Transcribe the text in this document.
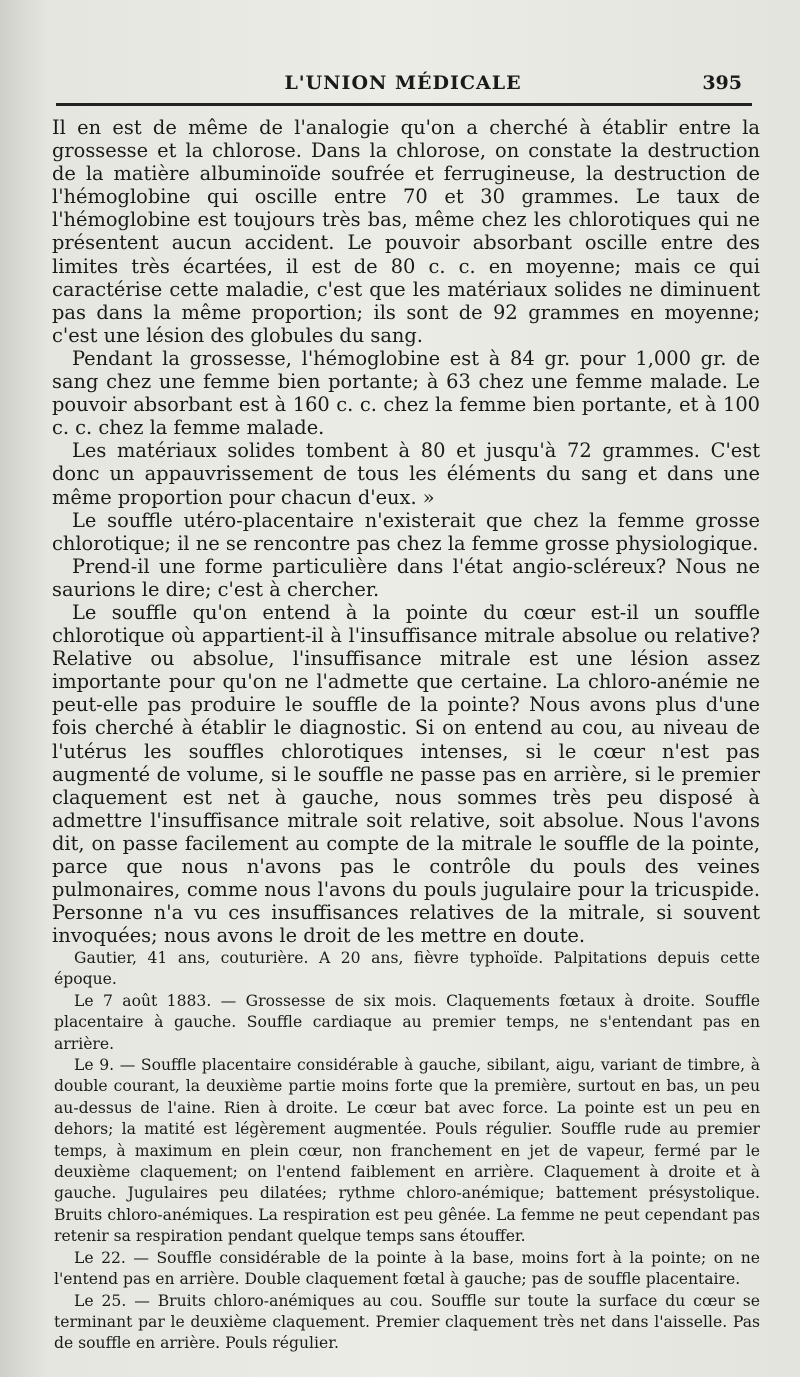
L'UNION MÉDICALE	395

Il en est de même de l'analogie qu'on a cherché à établir entre la grossesse et la chlorose. Dans la chlorose, on constate la destruction de la matière albuminoïde soufrée et ferrugineuse, la destruction de l'hémoglobine qui oscille entre 70 et 30 grammes. Le taux de l'hémoglobine est toujours très bas, même chez les chlorotiques qui ne présentent aucun accident. Le pouvoir absorbant oscille entre des limites très écartées, il est de 80 c. c. en moyenne; mais ce qui caractérise cette maladie, c'est que les matériaux solides ne diminuent pas dans la même proportion; ils sont de 92 grammes en moyenne; c'est une lésion des globules du sang.

Pendant la grossesse, l'hémoglobine est à 84 gr. pour 1,000 gr. de sang chez une femme bien portante; à 63 chez une femme malade. Le pouvoir absorbant est à 160 c. c. chez la femme bien portante, et à 100 c. c. chez la femme malade.

Les matériaux solides tombent à 80 et jusqu'à 72 grammes. C'est donc un appauvrissement de tous les éléments du sang et dans une même proportion pour chacun d'eux. »

Le souffle utéro-placentaire n'existerait que chez la femme grosse chlorotique; il ne se rencontre pas chez la femme grosse physiologique.

Prend-il une forme particulière dans l'état angio-scléreux? Nous ne saurions le dire; c'est à chercher.

Le souffle qu'on entend à la pointe du cœur est-il un souffle chlorotique où appartient-il à l'insuffisance mitrale absolue ou relative? Relative ou absolue, l'insuffisance mitrale est une lésion assez importante pour qu'on ne l'admette que certaine. La chloro-anémie ne peut-elle pas produire le souffle de la pointe? Nous avons plus d'une fois cherché à établir le diagnostic. Si on entend au cou, au niveau de l'utérus les souffles chlorotiques intenses, si le cœur n'est pas augmenté de volume, si le souffle ne passe pas en arrière, si le premier claquement est net à gauche, nous sommes très peu disposé à admettre l'insuffisance mitrale soit relative, soit absolue. Nous l'avons dit, on passe facilement au compte de la mitrale le souffle de la pointe, parce que nous n'avons pas le contrôle du pouls des veines pulmonaires, comme nous l'avons du pouls jugulaire pour la tricuspide. Personne n'a vu ces insuffisances relatives de la mitrale, si souvent invoquées; nous avons le droit de les mettre en doute.

Gautier, 41 ans, couturière. A 20 ans, fièvre typhoïde. Palpitations depuis cette époque.

Le 7 août 1883. — Grossesse de six mois. Claquements fœtaux à droite. Souffle placentaire à gauche. Souffle cardiaque au premier temps, ne s'entendant pas en arrière.

Le 9. — Souffle placentaire considérable à gauche, sibilant, aigu, variant de timbre, à double courant, la deuxième partie moins forte que la première, surtout en bas, un peu au-dessus de l'aine. Rien à droite. Le cœur bat avec force. La pointe est un peu en dehors; la matité est légèrement augmentée. Pouls régulier. Souffle rude au premier temps, à maximum en plein cœur, non franchement en jet de vapeur, fermé par le deuxième claquement; on l'entend faiblement en arrière. Claquement à droite et à gauche. Jugulaires peu dilatées; rythme chloro-anémique; battement présystolique. Bruits chloro-anémiques. La respiration est peu gênée. La femme ne peut cependant pas retenir sa respiration pendant quelque temps sans étouffer.

Le 22. — Souffle considérable de la pointe à la base, moins fort à la pointe; on ne l'entend pas en arrière. Double claquement fœtal à gauche; pas de souffle placentaire.

Le 25. — Bruits chloro-anémiques au cou. Souffle sur toute la surface du cœur se terminant par le deuxième claquement. Premier claquement très net dans l'aisselle. Pas de souffle en arrière. Pouls régulier.
